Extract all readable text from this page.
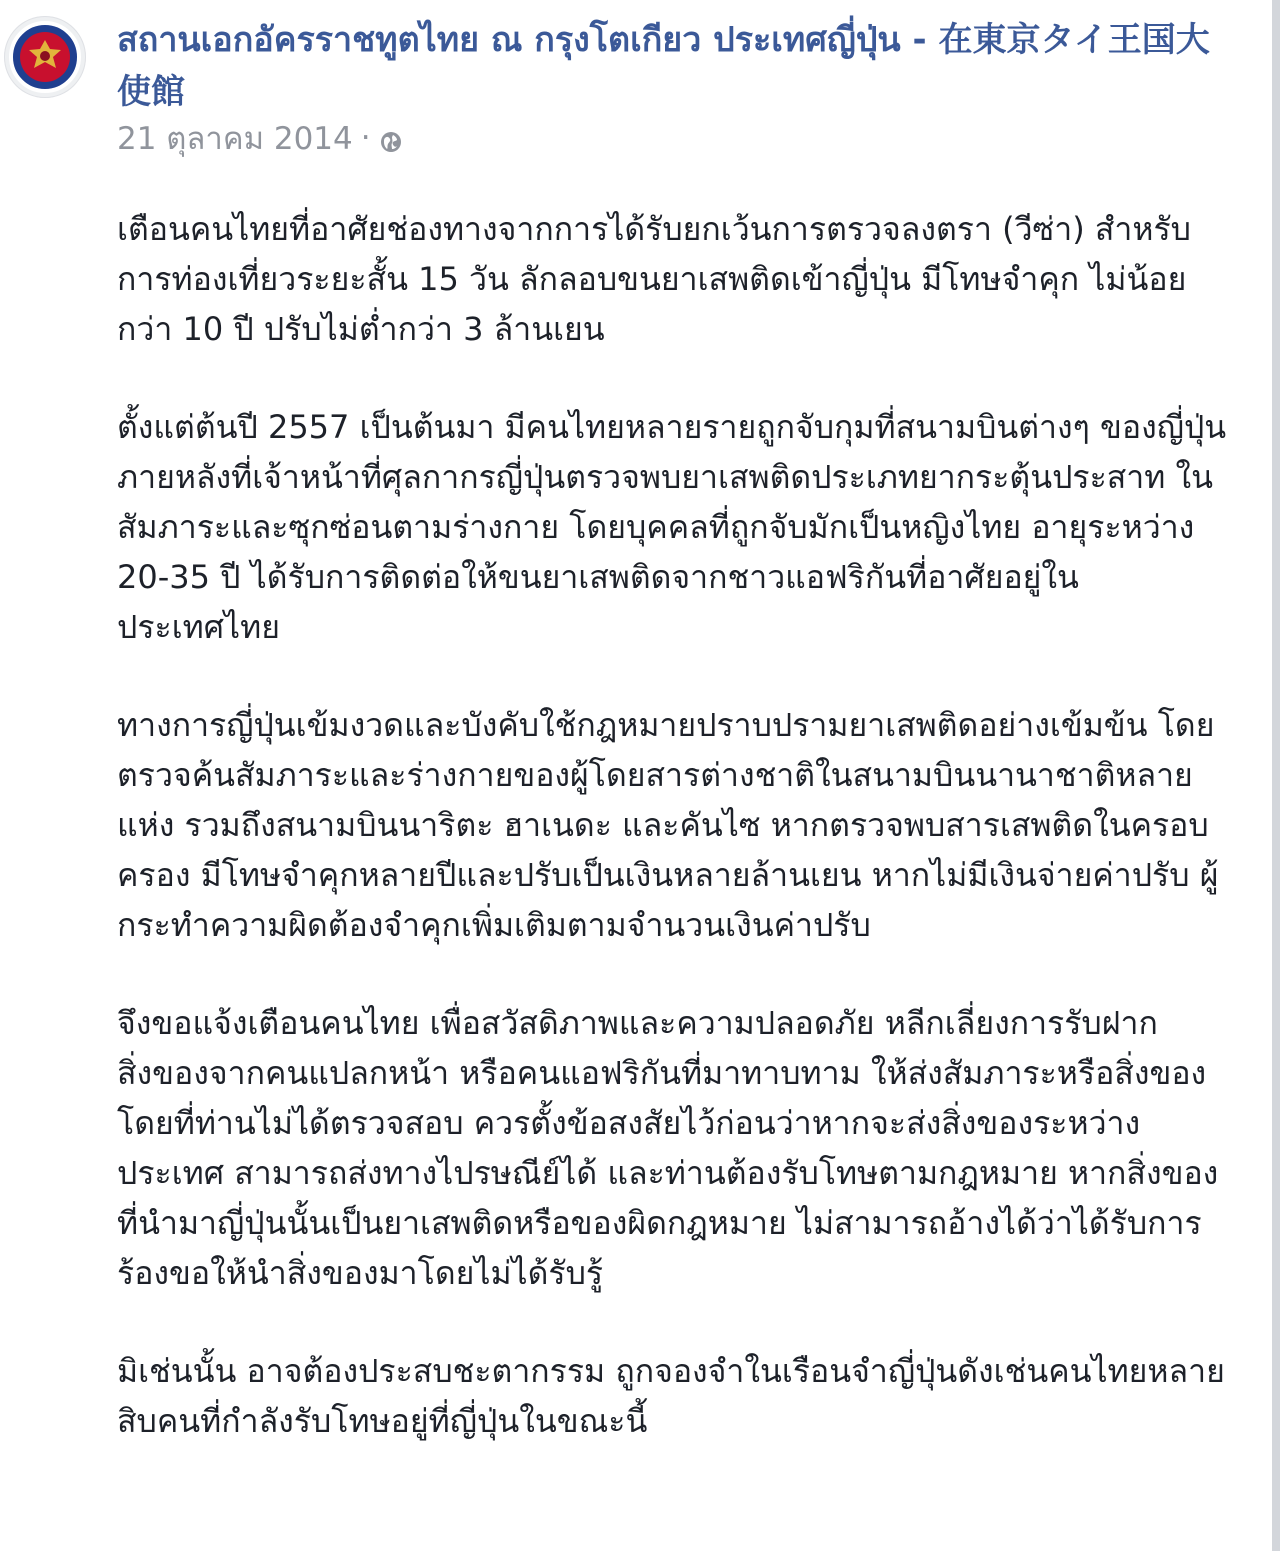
สถานเอกอัครราชทูตไทย ณ กรุงโตเกียว ประเทศญี่ปุ่น - 在東京タイ王国大使館
21 ตุลาคม 2014 ·

เตือนคนไทยที่อาศัยช่องทางจากการได้รับยกเว้นการตรวจลงตรา (วีซ่า) สำหรับการท่องเที่ยวระยะสั้น 15 วัน ลักลอบขนยาเสพติดเข้าญี่ปุ่น มีโทษจำคุก ไม่น้อยกว่า 10 ปี ปรับไม่ต่ำกว่า 3 ล้านเยน

ตั้งแต่ต้นปี 2557 เป็นต้นมา มีคนไทยหลายรายถูกจับกุมที่สนามบินต่างๆ ของญี่ปุ่น ภายหลังที่เจ้าหน้าที่ศุลกากรญี่ปุ่นตรวจพบยาเสพติดประเภทยากระตุ้นประสาท ในสัมภาระและซุกซ่อนตามร่างกาย โดยบุคคลที่ถูกจับมักเป็นหญิงไทย อายุระหว่าง 20-35 ปี ได้รับการติดต่อให้ขนยาเสพติดจากชาวแอฟริกันที่อาศัยอยู่ในประเทศไทย

ทางการญี่ปุ่นเข้มงวดและบังคับใช้กฎหมายปราบปรามยาเสพติดอย่างเข้มข้น โดยตรวจค้นสัมภาระและร่างกายของผู้โดยสารต่างชาติในสนามบินนานาชาติหลายแห่ง รวมถึงสนามบินนาริตะ ฮาเนดะ และคันไซ หากตรวจพบสารเสพติดในครอบครอง มีโทษจำคุกหลายปีและปรับเป็นเงินหลายล้านเยน หากไม่มีเงินจ่ายค่าปรับ ผู้กระทำความผิดต้องจำคุกเพิ่มเติมตามจำนวนเงินค่าปรับ

จึงขอแจ้งเตือนคนไทย เพื่อสวัสดิภาพและความปลอดภัย หลีกเลี่ยงการรับฝากสิ่งของจากคนแปลกหน้า หรือคนแอฟริกันที่มาทาบทาม ให้ส่งสัมภาระหรือสิ่งของ โดยที่ท่านไม่ได้ตรวจสอบ ควรตั้งข้อสงสัยไว้ก่อนว่าหากจะส่งสิ่งของระหว่างประเทศ สามารถส่งทางไปรษณีย์ได้ และท่านต้องรับโทษตามกฎหมาย หากสิ่งของที่นำมาญี่ปุ่นนั้นเป็นยาเสพติดหรือของผิดกฎหมาย ไม่สามารถอ้างได้ว่าได้รับการร้องขอให้นำสิ่งของมาโดยไม่ได้รับรู้

มิเช่นนั้น อาจต้องประสบชะตากรรม ถูกจองจำในเรือนจำญี่ปุ่นดังเช่นคนไทยหลายสิบคนที่กำลังรับโทษอยู่ที่ญี่ปุ่นในขณะนี้
